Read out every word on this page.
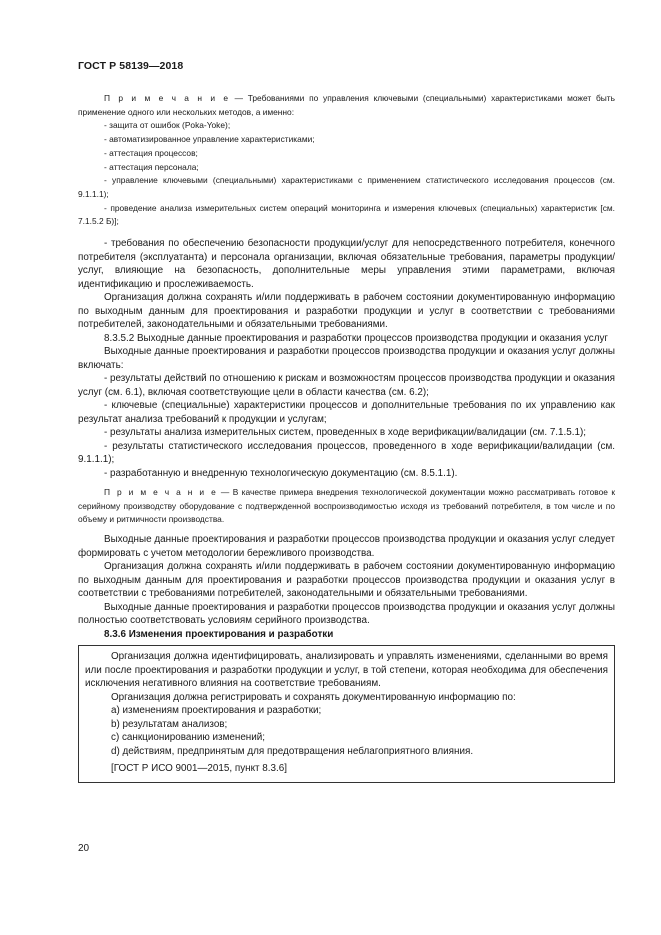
ГОСТ Р 58139—2018

П р и м е ч а н и е — Требованиями по управления ключевыми (специальными) характеристиками может быть применение одного или нескольких методов, а именно:

- защита от ошибок (Poka-Yoke);

- автоматизированное управление характеристиками;

- аттестация процессов;

- аттестация персонала;

- управление ключевыми (специальными) характеристиками с применением статистического исследования процессов (см. 9.1.1.1);

- проведение анализа измерительных систем операций мониторинга и измерения ключевых (специальных) характеристик [см. 7.1.5.2 Б)];

- требования по обеспечению безопасности продукции/услуг для непосредственного потребителя, конечного потребителя (эксплуатанта) и персонала организации, включая обязательные требования, параметры продукции/услуг, влияющие на безопасность, дополнительные меры управления этими параметрами, включая идентификацию и прослеживаемость.

Организация должна сохранять и/или поддерживать в рабочем состоянии документированную информацию по выходным данным для проектирования и разработки продукции и услуг в соответствии с требованиями потребителей, законодательными и обязательными требованиями.

8.3.5.2 Выходные данные проектирования и разработки процессов производства продукции и оказания услуг

Выходные данные проектирования и разработки процессов производства продукции и оказания услуг должны включать:

- результаты действий по отношению к рискам и возможностям процессов производства продукции и оказания услуг (см. 6.1), включая соответствующие цели в области качества (см. 6.2);

- ключевые (специальные) характеристики процессов и дополнительные требования по их управлению как результат анализа требований к продукции и услугам;

- результаты анализа измерительных систем, проведенных в ходе верификации/валидации (см. 7.1.5.1);

- результаты статистического исследования процессов, проведенного в ходе верификации/валидации (см. 9.1.1.1);

- разработанную и внедренную технологическую документацию (см. 8.5.1.1).

П р и м е ч а н и е — В качестве примера внедрения технологической документации можно рассматривать готовое к серийному производству оборудование с подтвержденной воспроизводимостью исходя из требований потребителя, в том числе и по объему и ритмичности производства.

Выходные данные проектирования и разработки процессов производства продукции и оказания услуг следует формировать с учетом методологии бережливого производства.

Организация должна сохранять и/или поддерживать в рабочем состоянии документированную информацию по выходным данным для проектирования и разработки процессов производства продукции и оказания услуг в соответствии с требованиями потребителей, законодательными и обязательными требованиями.

Выходные данные проектирования и разработки процессов производства продукции и оказания услуг должны полностью соответствовать условиям серийного производства.

8.3.6 Изменения проектирования и разработки

Организация должна идентифицировать, анализировать и управлять изменениями, сделанными во время или после проектирования и разработки продукции и услуг, в той степени, которая необходима для обеспечения исключения негативного влияния на соответствие требованиям.

Организация должна регистрировать и сохранять документированную информацию по:

а) изменениям проектирования и разработки;

b) результатам анализов;

с) санкционированию изменений;

d) действиям, предпринятым для предотвращения неблагоприятного влияния.

[ГОСТ Р ИСО 9001—2015, пункт 8.3.6]

20
